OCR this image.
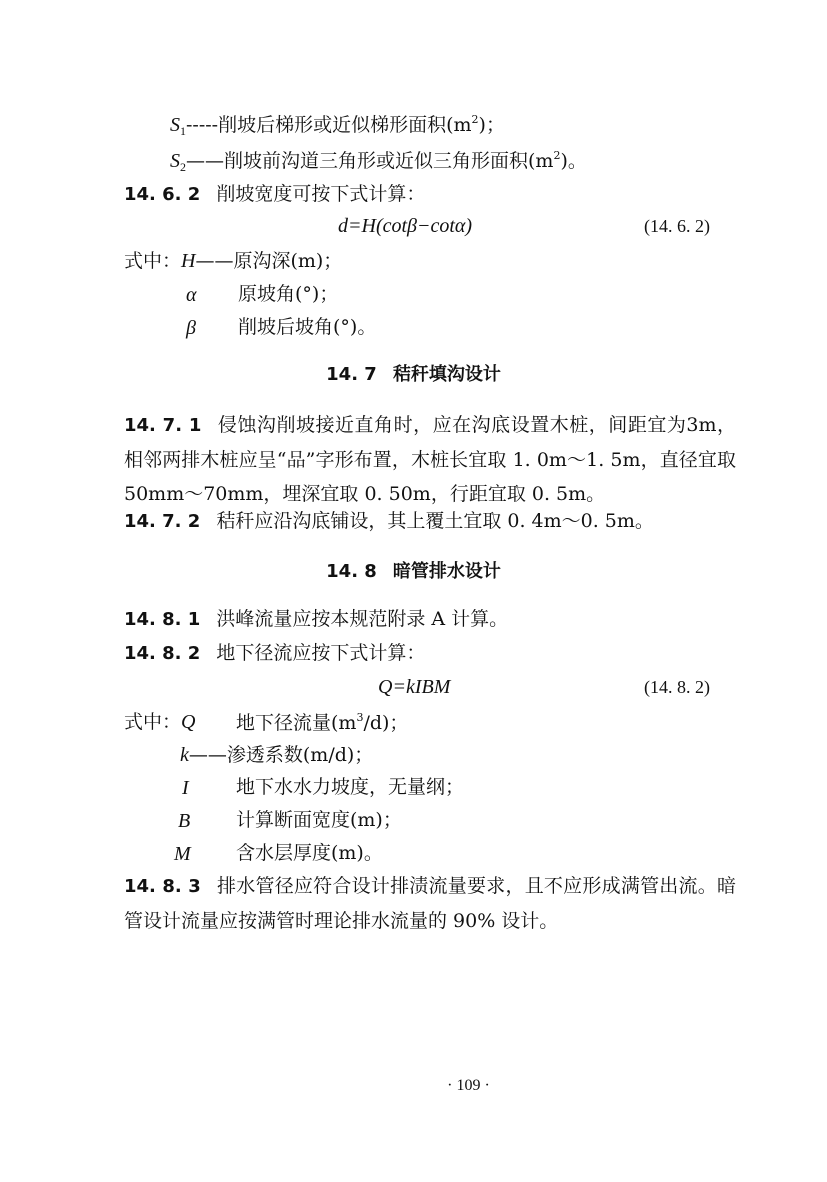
$S_1-----$削坡后梯形或近似梯形面积$(m^2)$；
$S_2——$削坡前沟道三角形或近似三角形面积$(m^2)$。
14. 6. 2 削坡宽度可按下式计算：
d=H(cotβ−cotα)	(14. 6. 2)
式中：H——原沟深(m)；
α 原坡角(°)；
β 削坡后坡角(°)。
14. 7 秸秆填沟设计
14. 7. 1 侵蚀沟削坡接近直角时，应在沟底设置木桩，间距宜为3m，相邻两排木桩应呈“品”字形布置，木桩长宜取 1. 0m～1. 5m，直径宜取 50mm～70mm，埋深宜取 0. 50m，行距宜取 0. 5m。
14. 7. 2 秸秆应沿沟底铺设，其上覆土宜取 0. 4m～0. 5m。
14. 8 暗管排水设计
14. 8. 1 洪峰流量应按本规范附录 A 计算。
14. 8. 2 地下径流应按下式计算：
Q=kIBM	(14. 8. 2)
式中：Q 地下径流量$(m^3/d)$；
k——渗透系数(m/d)；
I 地下水水力坡度，无量纲；
B 计算断面宽度(m)；
M 含水层厚度(m)。
14. 8. 3 排水管径应符合设计排渍流量要求，且不应形成满管出流。暗管设计流量应按满管时理论排水流量的 90% 设计。
· 109 ·
